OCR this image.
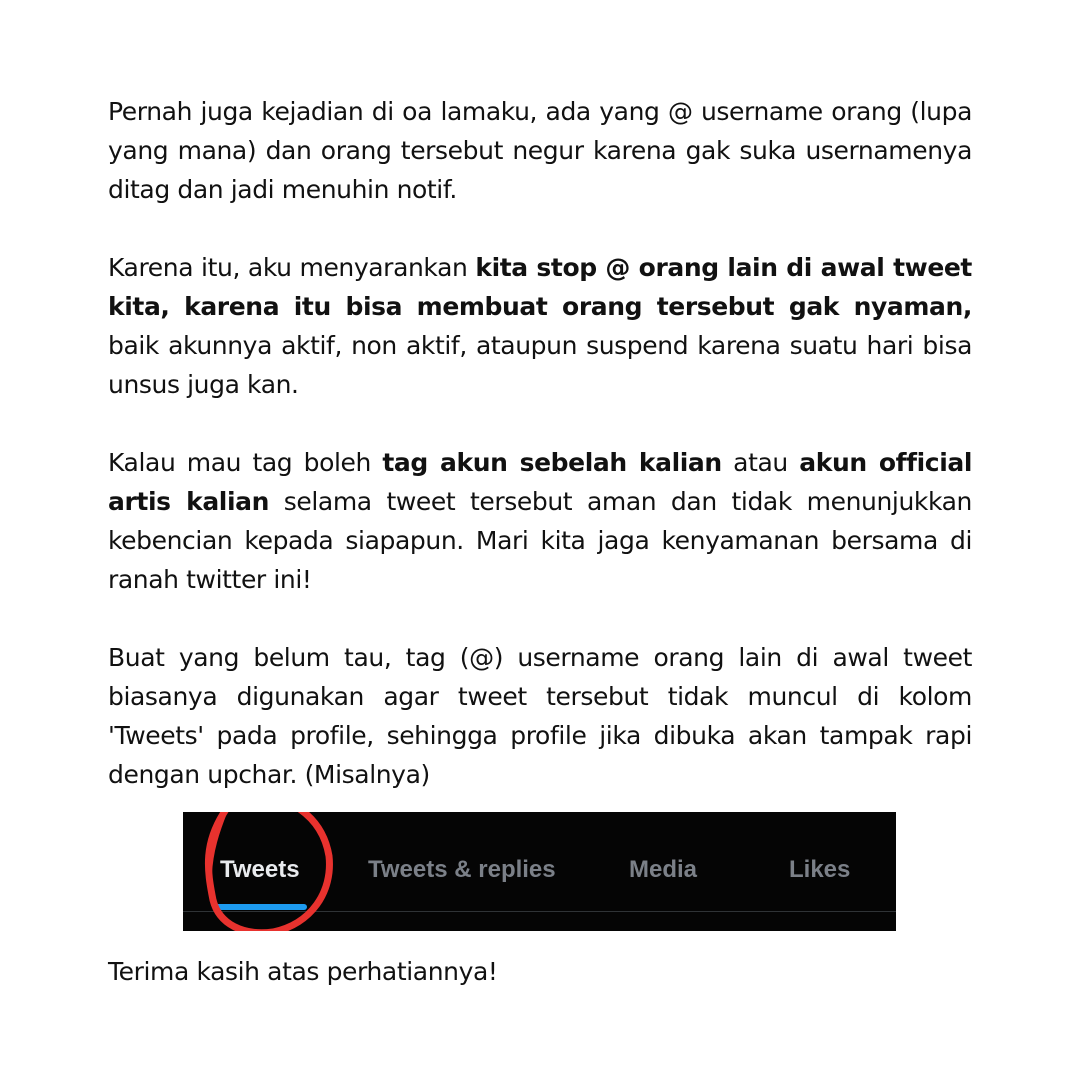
Pernah juga kejadian di oa lamaku, ada yang @ username orang (lupa yang mana) dan orang tersebut negur karena gak suka usernamenya ditag dan jadi menuhin notif.

Karena itu, aku menyarankan kita stop @ orang lain di awal tweet kita, karena itu bisa membuat orang tersebut gak nyaman, baik akunnya aktif, non aktif, ataupun suspend karena suatu hari bisa unsus juga kan.

Kalau mau tag boleh tag akun sebelah kalian atau akun official artis kalian selama tweet tersebut aman dan tidak menunjukkan kebencian kepada siapapun. Mari kita jaga kenyamanan bersama di ranah twitter ini!

Buat yang belum tau, tag (@) username orang lain di awal tweet biasanya digunakan agar tweet tersebut tidak muncul di kolom 'Tweets' pada profile, sehingga profile jika dibuka akan tampak rapi dengan upchar. (Misalnya)

Tweets	Tweets & replies	Media	Likes

Terima kasih atas perhatiannya!
